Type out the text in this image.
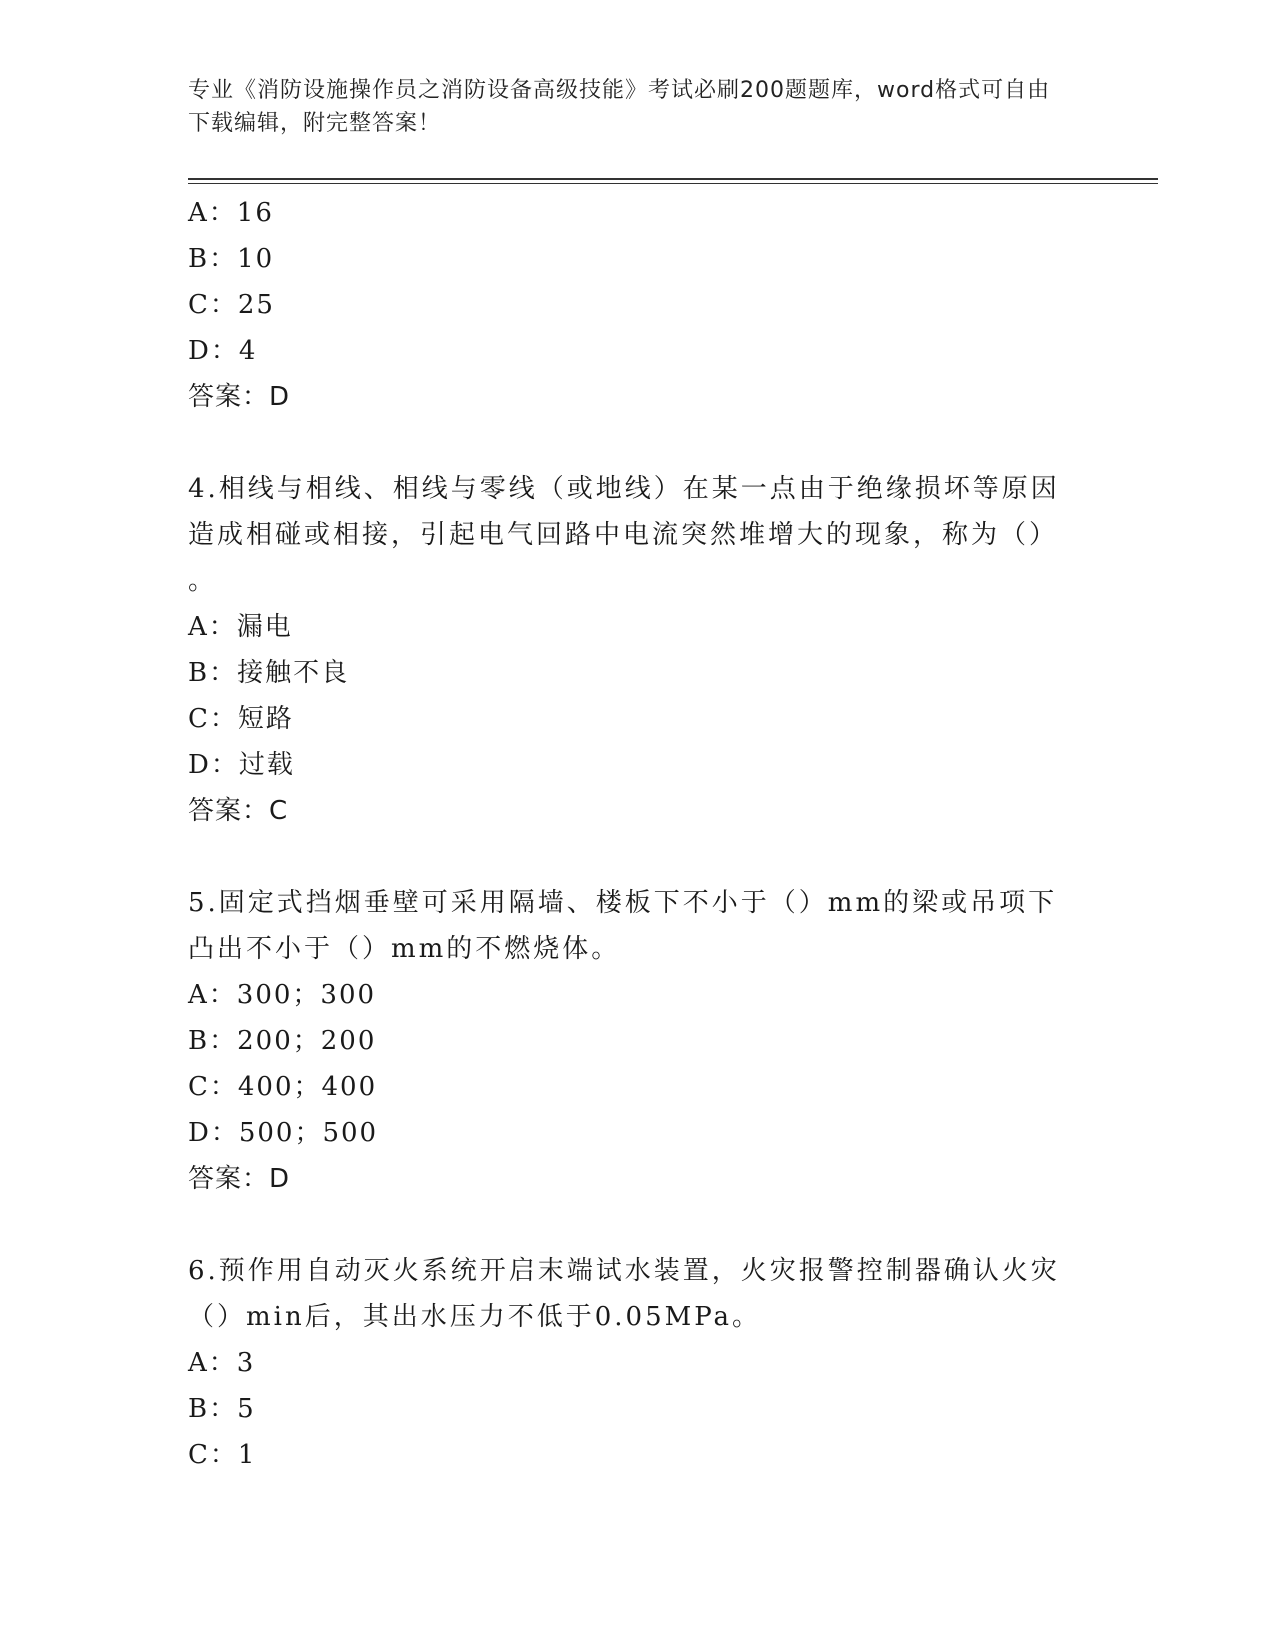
专业《消防设施操作员之消防设备高级技能》考试必刷200题题库，word格式可自由下载编辑，附完整答案！
A：16
B：10
C：25
D：4
答案：D
4.相线与相线、相线与零线（或地线）在某一点由于绝缘损坏等原因造成相碰或相接，引起电气回路中电流突然堆增大的现象，称为（）
。
A：漏电
B：接触不良
C：短路
D：过载
答案：C
5.固定式挡烟垂壁可采用隔墙、楼板下不小于（）mm的梁或吊项下凸出不小于（）mm的不燃烧体。
A：300；300
B：200；200
C：400；400
D：500；500
答案：D
6.预作用自动灭火系统开启末端试水装置，火灾报警控制器确认火灾（）min后，其出水压力不低于0.05MPa。
A：3
B：5
C：1
